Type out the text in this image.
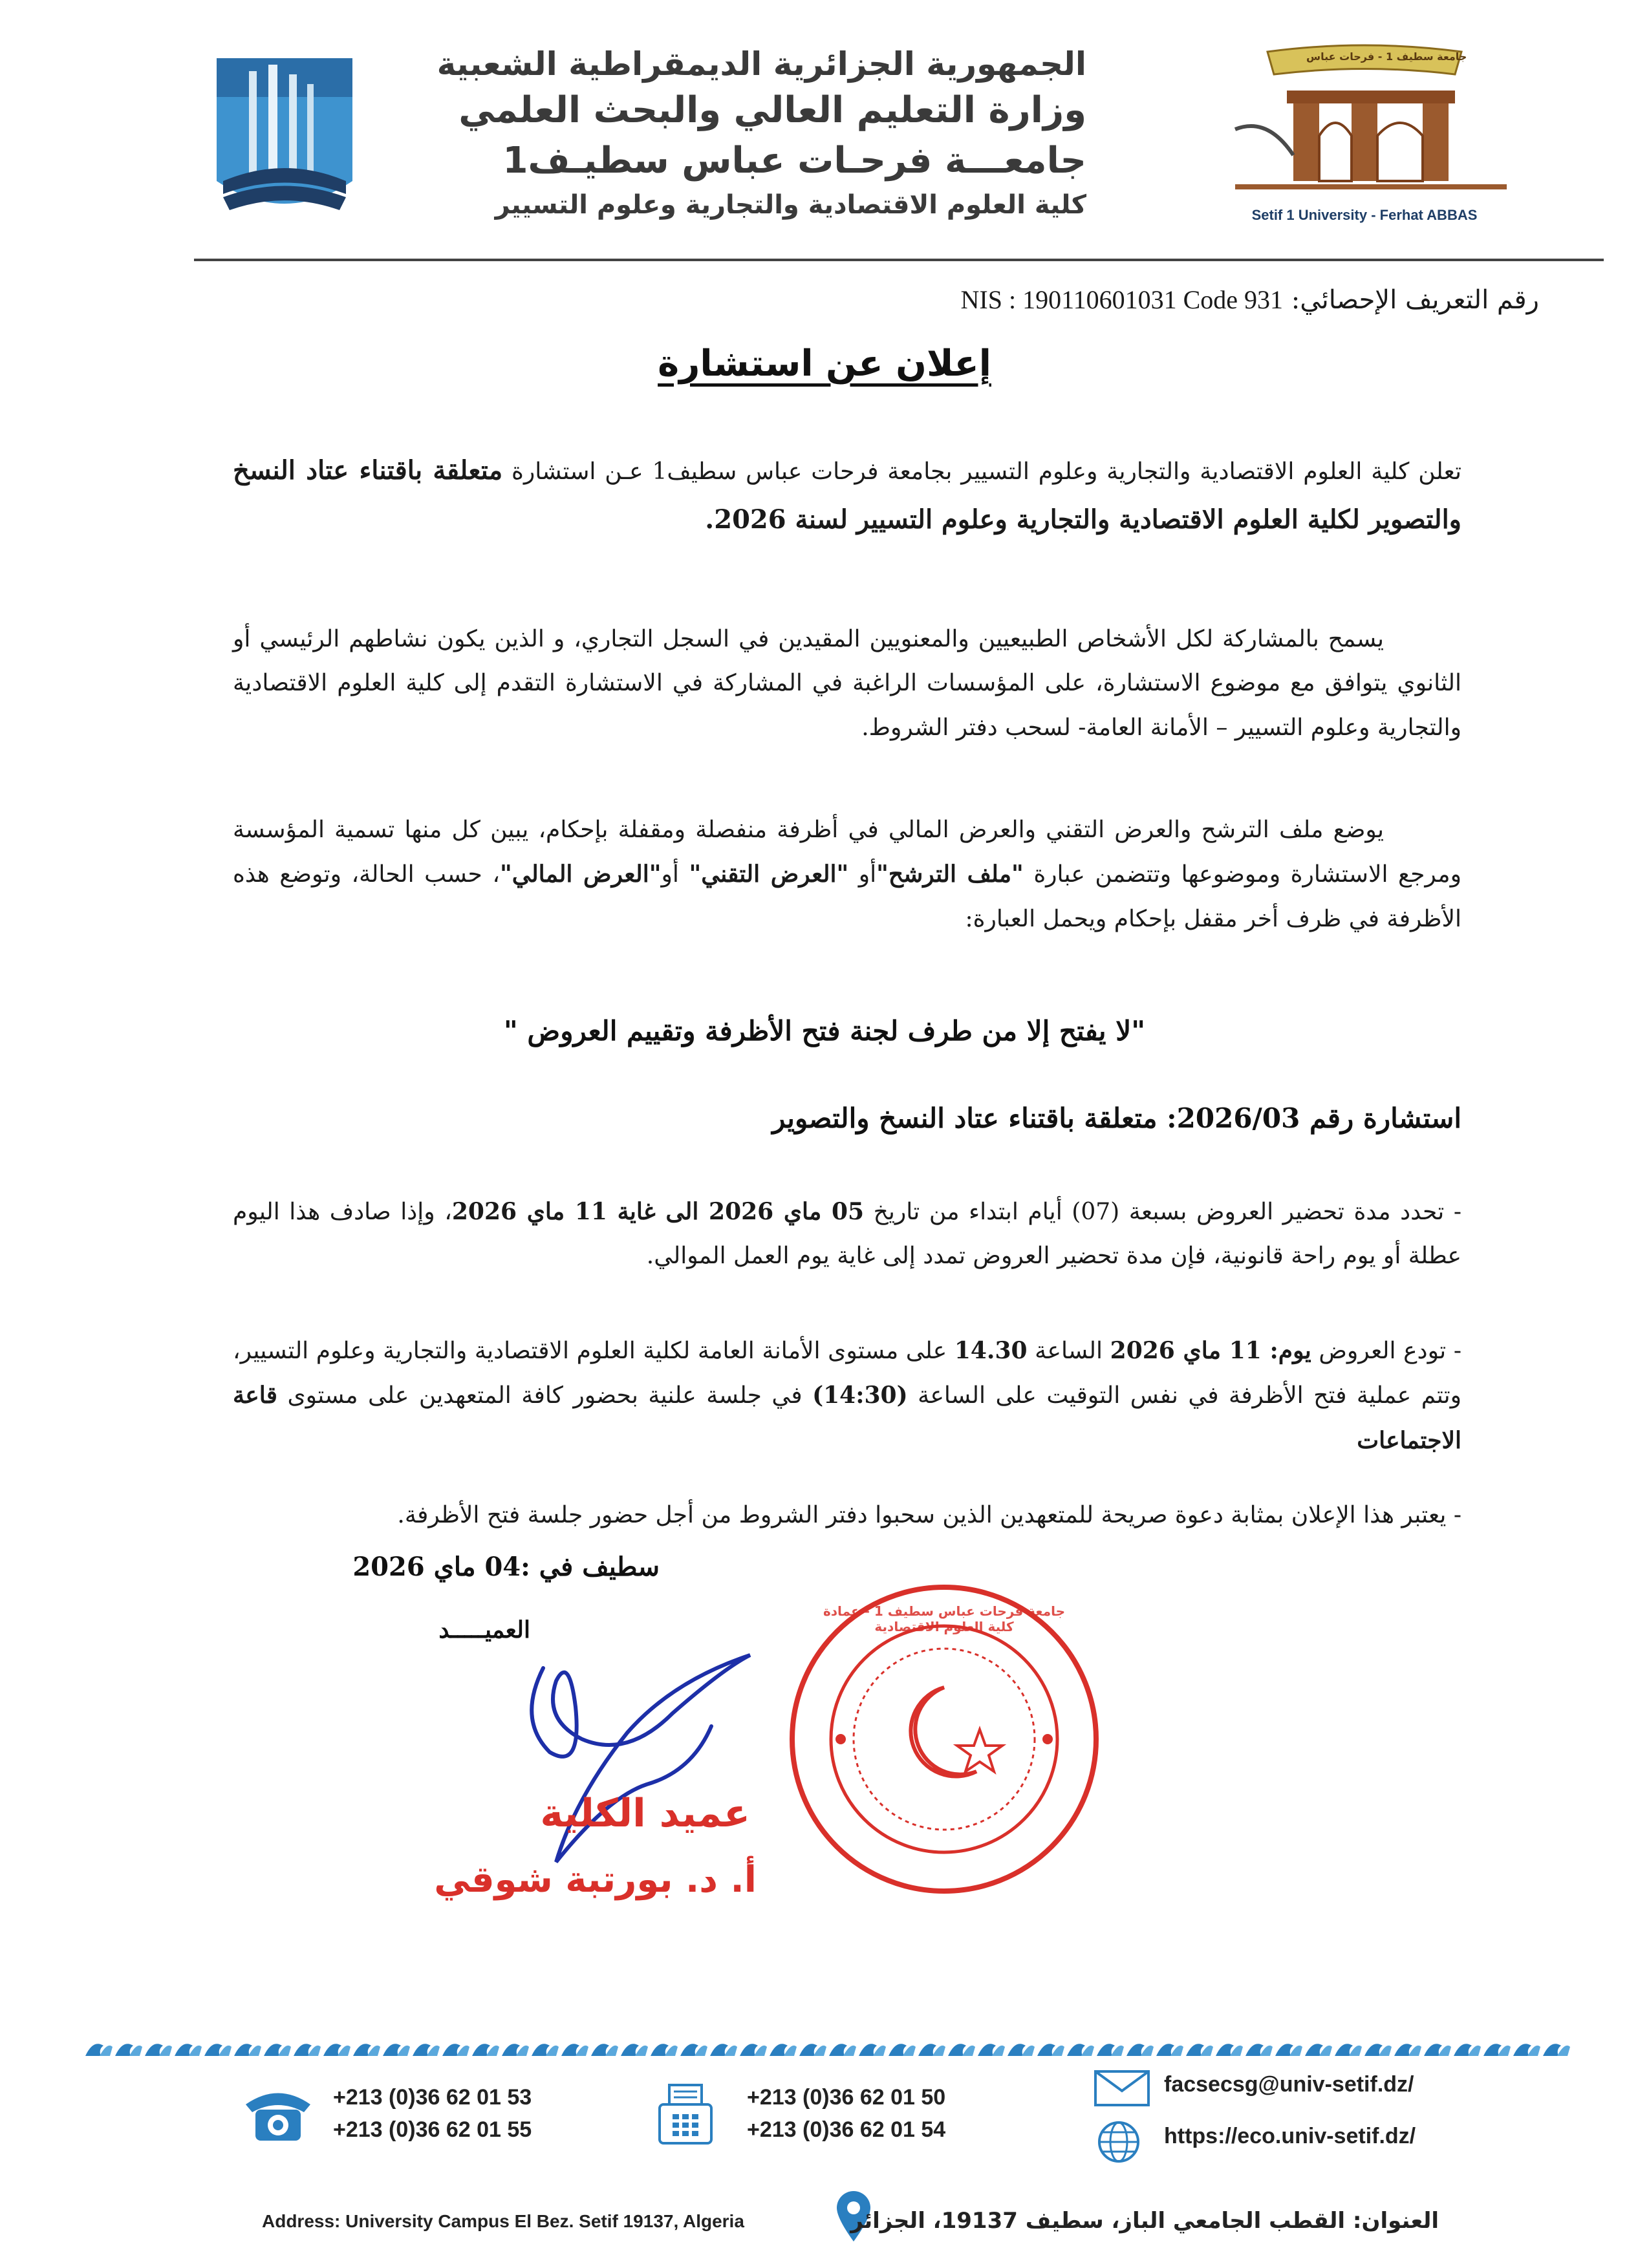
الجمهورية الجزائرية الديمقراطية الشعبية
وزارة التعليم العالي والبحث العلمي
جامعـــة فرحـات عباس سطيـف1
كلية العلوم الاقتصادية والتجارية وعلوم التسيير
جامعة سطيف 1 - فرحات عباس
Setif 1 University - Ferhat ABBAS
رقم التعريف الإحصائي: NIS : 190110601031 Code 931
إعلان عن استشارة
تعلن كلية العلوم الاقتصادية والتجارية وعلوم التسيير بجامعة فرحات عباس سطيف1 عـن استشارة متعلقة باقتناء عتاد النسخ والتصوير لكلية العلوم الاقتصادية والتجارية وعلوم التسيير لسنة 2026.
يسمح بالمشاركة لكل الأشخاص الطبيعيين والمعنويين المقيدين في السجل التجاري، و الذين يكون نشاطهم الرئيسي أو الثانوي يتوافق مع موضوع الاستشارة، على المؤسسات الراغبة في المشاركة في الاستشارة التقدم إلى كلية العلوم الاقتصادية والتجارية وعلوم التسيير – الأمانة العامة- لسحب دفتر الشروط.
يوضع ملف الترشح والعرض التقني والعرض المالي في أظرفة منفصلة ومقفلة بإحكام، يبين كل منها تسمية المؤسسة ومرجع الاستشارة وموضوعها وتتضمن عبارة "ملف الترشح"أو "العرض التقني" أو"العرض المالي"، حسب الحالة، وتوضع هذه الأظرفة في ظرف أخر مقفل بإحكام ويحمل العبارة:
"لا يفتح إلا من طرف لجنة فتح الأظرفة وتقييم العروض "
استشارة رقم 2026/03: متعلقة باقتناء عتاد النسخ والتصوير
- تحدد مدة تحضير العروض بسبعة (07) أيام ابتداء من تاريخ 05 ماي 2026 الى غاية 11 ماي 2026، وإذا صادف هذا اليوم عطلة أو يوم راحة قانونية، فإن مدة تحضير العروض تمدد إلى غاية يوم العمل الموالي.
- تودع العروض يوم: 11 ماي 2026 الساعة 14.30 على مستوى الأمانة العامة لكلية العلوم الاقتصادية والتجارية وعلوم التسيير، وتتم عملية فتح الأظرفة في نفس التوقيت على الساعة (14:30) في جلسة علنية بحضور كافة المتعهدين على مستوى قاعة الاجتماعات
- يعتبر هذا الإعلان بمثابة دعوة صريحة للمتعهدين الذين سحبوا دفتر الشروط من أجل حضور جلسة فتح الأظرفة.
سطيف في :04 ماي 2026
العميـــــد
عميد الكلية
أ. د. بورتبة شوقي
جامعة فرحات عباس سطيف 1 - عمادة كلية العلوم الاقتصادية
+213 (0)36 62 01 53
+213 (0)36 62 01 55
+213 (0)36 62 01 50
+213 (0)36 62 01 54
facsecsg@univ-setif.dz/
https://eco.univ-setif.dz/
Address: University Campus El Bez. Setif 19137, Algeria	العنوان: القطب الجامعي الباز، سطيف 19137، الجزائر
